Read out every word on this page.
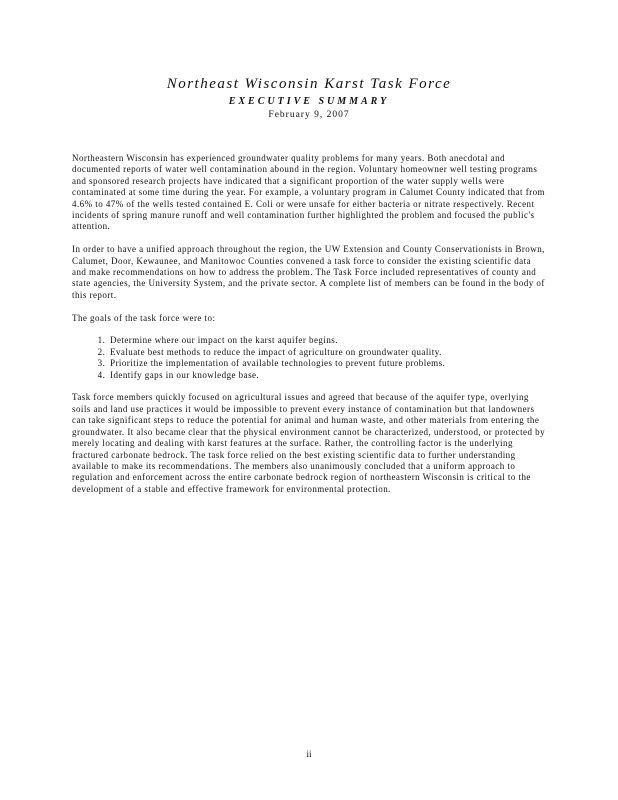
Northeast Wisconsin Karst Task Force
EXECUTIVE SUMMARY
February 9, 2007

Northeastern Wisconsin has experienced groundwater quality problems for many years. Both anecdotal and documented reports of water well contamination abound in the region. Voluntary homeowner well testing programs and sponsored research projects have indicated that a significant proportion of the water supply wells were contaminated at some time during the year. For example, a voluntary program in Calumet County indicated that from 4.6% to 47% of the wells tested contained E. Coli or were unsafe for either bacteria or nitrate respectively. Recent incidents of spring manure runoff and well contamination further highlighted the problem and focused the public's attention.

In order to have a unified approach throughout the region, the UW Extension and County Conservationists in Brown, Calumet, Door, Kewaunee, and Manitowoc Counties convened a task force to consider the existing scientific data and make recommendations on how to address the problem. The Task Force included representatives of county and state agencies, the University System, and the private sector. A complete list of members can be found in the body of this report.

The goals of the task force were to:

1. Determine where our impact on the karst aquifer begins.
2. Evaluate best methods to reduce the impact of agriculture on groundwater quality.
3. Prioritize the implementation of available technologies to prevent future problems.
4. Identify gaps in our knowledge base.

Task force members quickly focused on agricultural issues and agreed that because of the aquifer type, overlying soils and land use practices it would be impossible to prevent every instance of contamination but that landowners can take significant steps to reduce the potential for animal and human waste, and other materials from entering the groundwater. It also became clear that the physical environment cannot be characterized, understood, or protected by merely locating and dealing with karst features at the surface. Rather, the controlling factor is the underlying fractured carbonate bedrock. The task force relied on the best existing scientific data to further understanding available to make its recommendations. The members also unanimously concluded that a uniform approach to regulation and enforcement across the entire carbonate bedrock region of northeastern Wisconsin is critical to the development of a stable and effective framework for environmental protection.

ii
